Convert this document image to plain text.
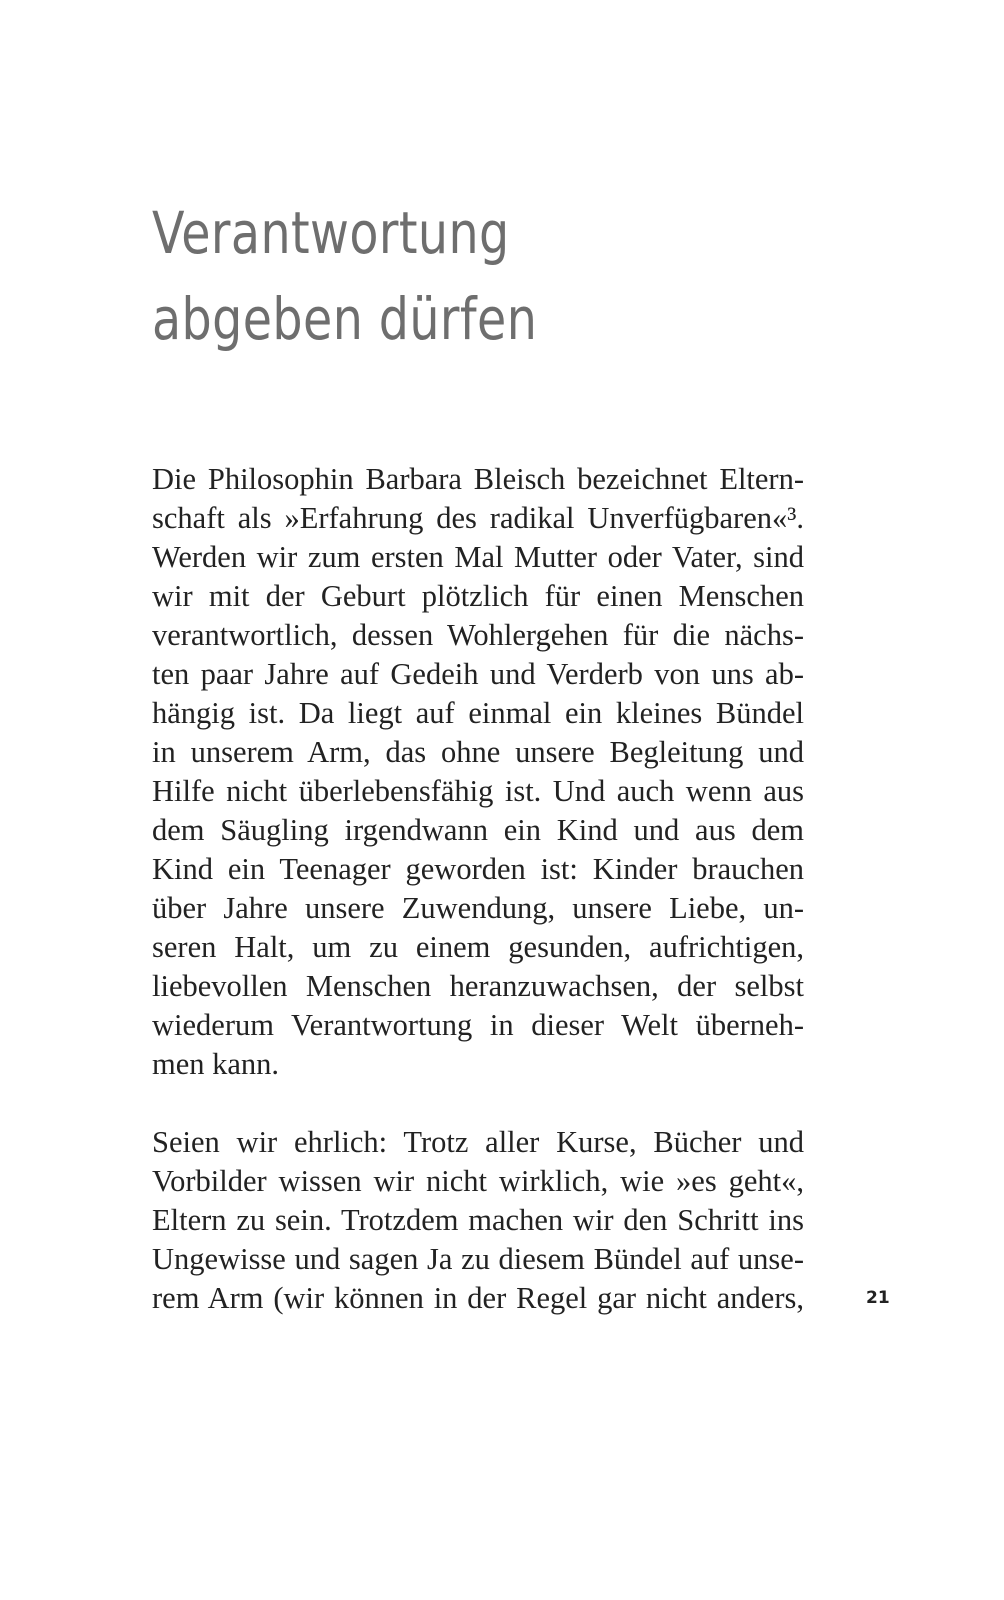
Verantwortung
abgeben dürfen
Die Philosophin Barbara Bleisch bezeichnet Eltern-
schaft als »Erfahrung des radikal Unverfügbaren«³.
Werden wir zum ersten Mal Mutter oder Vater, sind
wir mit der Geburt plötzlich für einen Menschen
verantwortlich, dessen Wohlergehen für die nächs-
ten paar Jahre auf Gedeih und Verderb von uns ab-
hängig ist. Da liegt auf einmal ein kleines Bündel
in unserem Arm, das ohne unsere Begleitung und
Hilfe nicht überlebensfähig ist. Und auch wenn aus
dem Säugling irgendwann ein Kind und aus dem
Kind ein Teenager geworden ist: Kinder brauchen
über Jahre unsere Zuwendung, unsere Liebe, un-
seren Halt, um zu einem gesunden, aufrichtigen,
liebevollen Menschen heranzuwachsen, der selbst
wiederum Verantwortung in dieser Welt überneh-
men kann.
Seien wir ehrlich: Trotz aller Kurse, Bücher und
Vorbilder wissen wir nicht wirklich, wie »es geht«,
Eltern zu sein. Trotzdem machen wir den Schritt ins
Ungewisse und sagen Ja zu diesem Bündel auf unse-
rem Arm (wir können in der Regel gar nicht anders,	21
